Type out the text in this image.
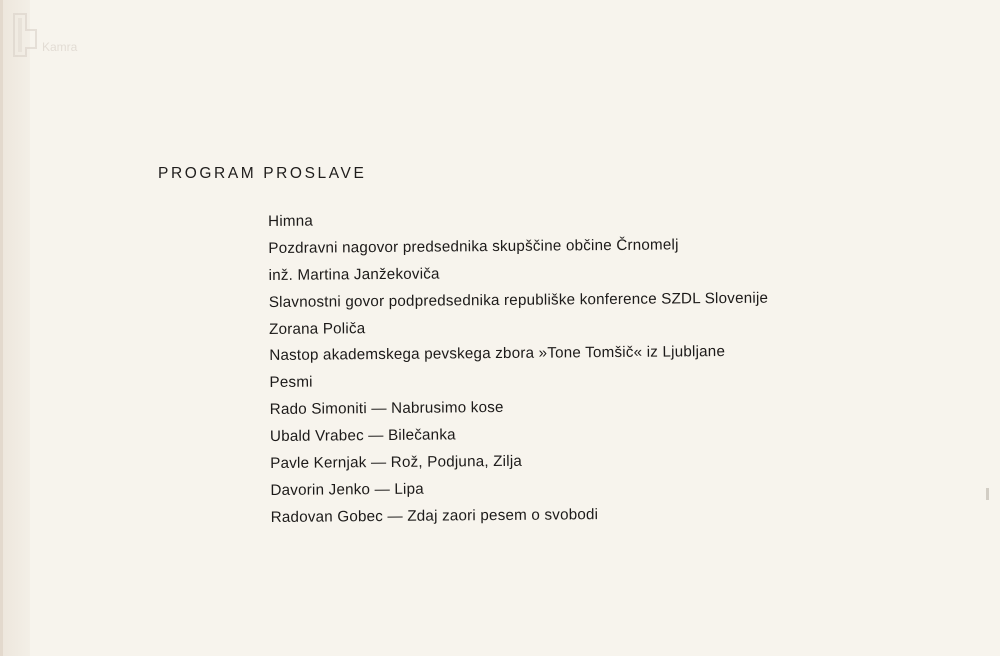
Kamra
PROGRAM PROSLAVE
Himna
Pozdravni nagovor predsednika skupščine občine Črnomelj
inž. Martina Janžekoviča
Slavnostni govor podpredsednika republiške konference SZDL Slovenije
Zorana Poliča
Nastop akademskega pevskega zbora »Tone Tomšič« iz Ljubljane
Pesmi
Rado Simoniti — Nabrusimo kose
Ubald Vrabec — Bilečanka
Pavle Kernjak — Rož, Podjuna, Zilja
Davorin Jenko — Lipa
Radovan Gobec — Zdaj zaori pesem o svobodi
